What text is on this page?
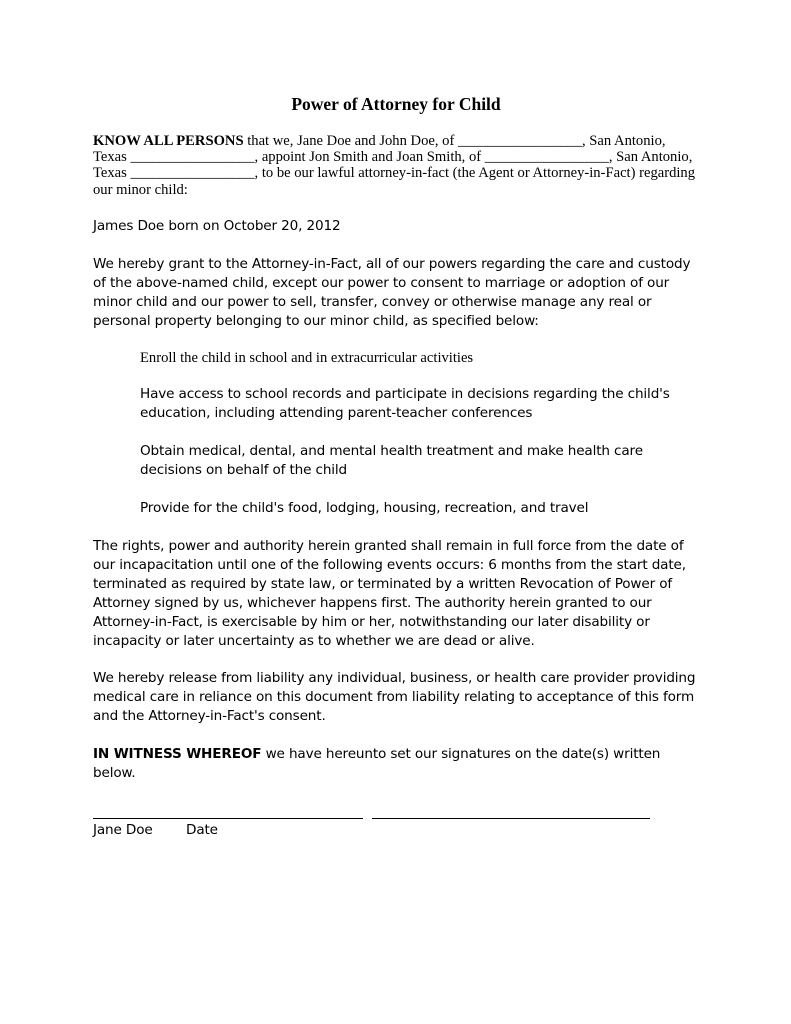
Power of Attorney for Child

KNOW ALL PERSONS that we, Jane Doe and John Doe, of _________________, San Antonio, Texas _________________, appoint Jon Smith and Joan Smith, of _________________, San Antonio, Texas _________________, to be our lawful attorney-in-fact (the Agent or Attorney-in-Fact) regarding our minor child:

James Doe born on October 20, 2012

We hereby grant to the Attorney-in-Fact, all of our powers regarding the care and custody of the above-named child, except our power to consent to marriage or adoption of our minor child and our power to sell, transfer, convey or otherwise manage any real or personal property belonging to our minor child, as specified below:

Enroll the child in school and in extracurricular activities

Have access to school records and participate in decisions regarding the child's education, including attending parent-teacher conferences

Obtain medical, dental, and mental health treatment and make health care decisions on behalf of the child

Provide for the child's food, lodging, housing, recreation, and travel

The rights, power and authority herein granted shall remain in full force from the date of our incapacitation until one of the following events occurs: 6 months from the start date, terminated as required by state law, or terminated by a written Revocation of Power of Attorney signed by us, whichever happens first. The authority herein granted to our Attorney-in-Fact, is exercisable by him or her, notwithstanding our later disability or incapacity or later uncertainty as to whether we are dead or alive.

We hereby release from liability any individual, business, or health care provider providing medical care in reliance on this document from liability relating to acceptance of this form and the Attorney-in-Fact's consent.

IN WITNESS WHEREOF we have hereunto set our signatures on the date(s) written below.

Jane Doe Date
